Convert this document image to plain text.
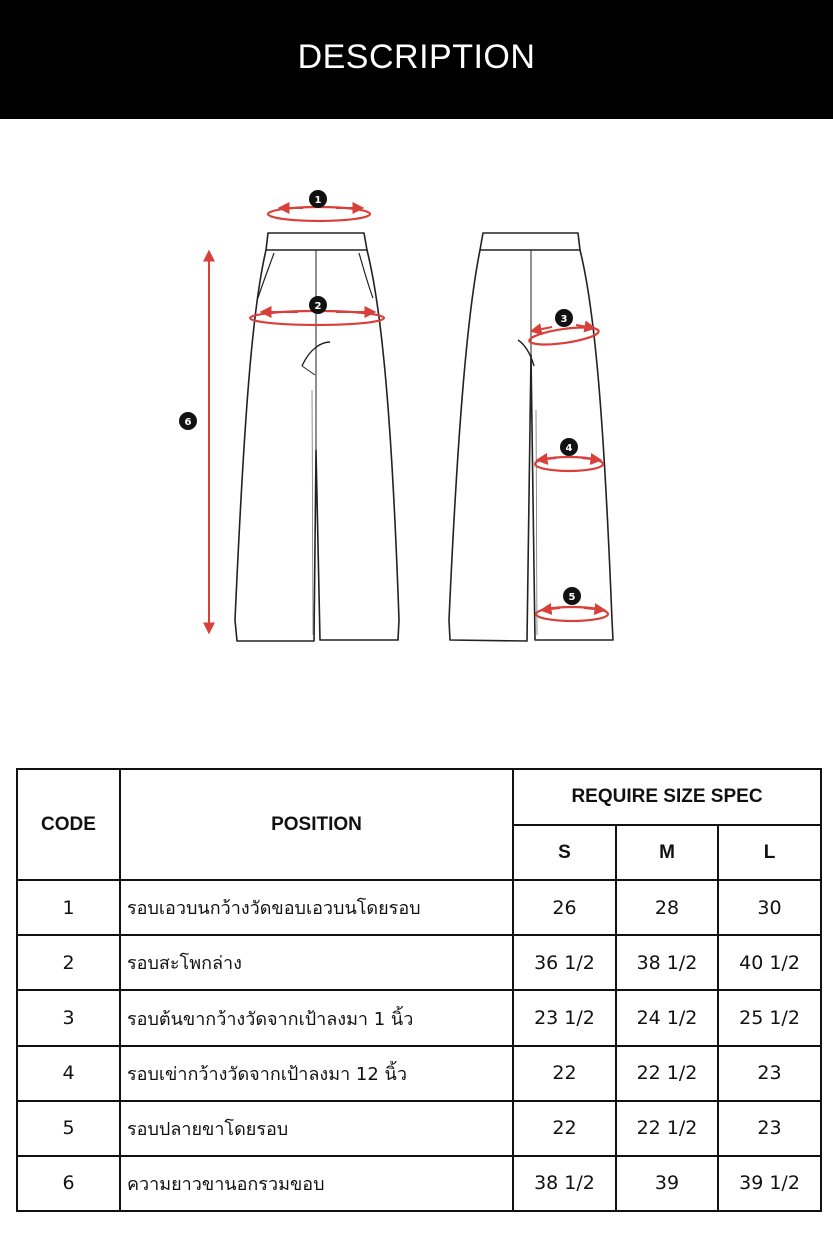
DESCRIPTION
1
2
3
4
5
6
CODE	POSITION	REQUIRE SIZE SPEC		
		S	M	L
1	รอบเอวบนกว้างวัดขอบเอวบนโดยรอบ	26	28	30
2	รอบสะโพกล่าง	36 1/2	38 1/2	40 1/2
3	รอบต้นขากว้างวัดจากเป้าลงมา 1 นิ้ว	23 1/2	24 1/2	25 1/2
4	รอบเข่ากว้างวัดจากเป้าลงมา 12 นิ้ว	22	22 1/2	23
5	รอบปลายขาโดยรอบ	22	22 1/2	23
6	ความยาวขานอกรวมขอบ	38 1/2	39	39 1/2
